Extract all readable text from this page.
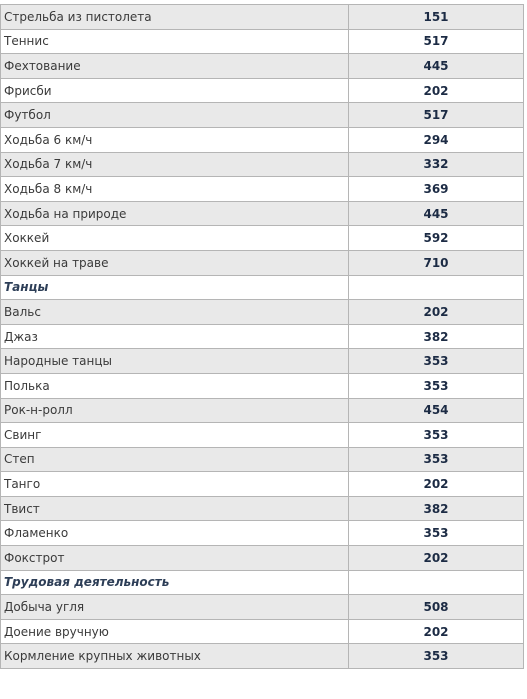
Стрельба из пистолета	151
Теннис	517
Фехтование	445
Фрисби	202
Футбол	517
Ходьба 6 км/ч	294
Ходьба 7 км/ч	332
Ходьба 8 км/ч	369
Ходьба на природе	445
Хоккей	592
Хоккей на траве	710
Танцы	
Вальс	202
Джаз	382
Народные танцы	353
Полька	353
Рок-н-ролл	454
Свинг	353
Степ	353
Танго	202
Твист	382
Фламенко	353
Фокстрот	202
Трудовая деятельность	
Добыча угля	508
Доение вручную	202
Кормление крупных животных	353
